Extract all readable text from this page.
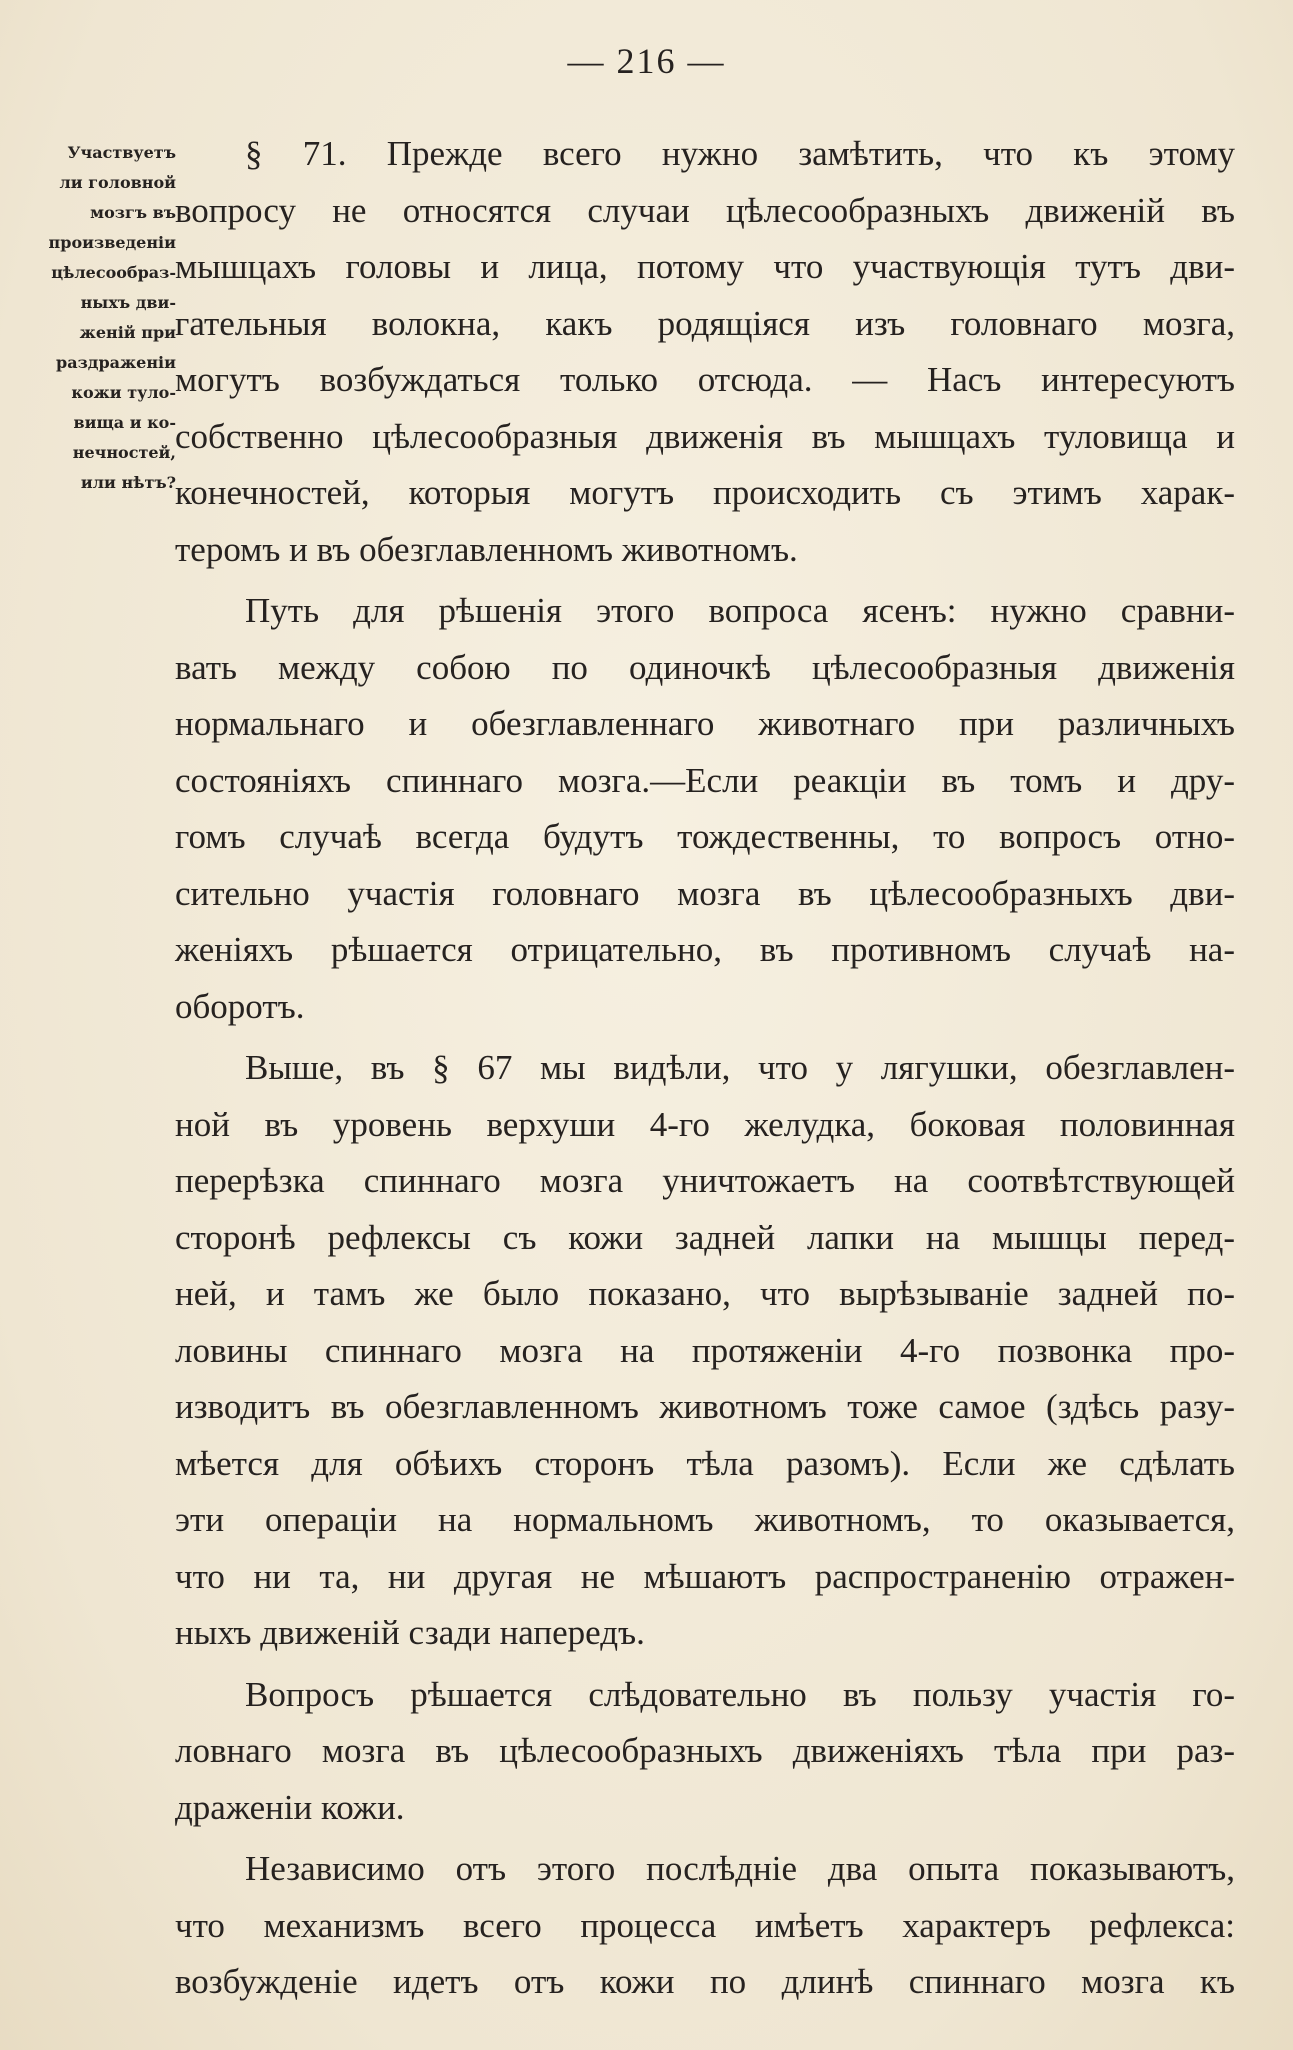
— 216 —
Участвуетъ
ли головной
мозгъ въ
произведеніи
цѣлесообраз-
ныхъ дви-
женій при
раздраженіи
кожи туло-
вища и ко-
нечностей,
или нѣтъ?
§ 71. Прежде всего нужно замѣтить, что къ этому
вопросу не относятся случаи цѣлесообразныхъ движеній въ
мышцахъ головы и лица, потому что участвующія тутъ дви-
гательныя волокна, какъ родящіяся изъ головнаго мозга,
могутъ возбуждаться только отсюда. — Насъ интересуютъ
собственно цѣлесообразныя движенія въ мышцахъ туловища и
конечностей, которыя могутъ происходить съ этимъ харак-
теромъ и въ обезглавленномъ животномъ.
Путь для рѣшенія этого вопроса ясенъ: нужно сравни-
вать между собою по одиночкѣ цѣлесообразныя движенія
нормальнаго и обезглавленнаго животнаго при различныхъ
состояніяхъ спиннаго мозга.—Если реакціи въ томъ и дру-
гомъ случаѣ всегда будутъ тождественны, то вопросъ отно-
сительно участія головнаго мозга въ цѣлесообразныхъ дви-
женіяхъ рѣшается отрицательно, въ противномъ случаѣ на-
оборотъ.
Выше, въ § 67 мы видѣли, что у лягушки, обезглавлен-
ной въ уровень верхуши 4-го желудка, боковая половинная
перерѣзка спиннаго мозга уничтожаетъ на соотвѣтствующей
сторонѣ рефлексы съ кожи задней лапки на мышцы перед-
ней, и тамъ же было показано, что вырѣзываніе задней по-
ловины спиннаго мозга на протяженіи 4-го позвонка про-
изводитъ въ обезглавленномъ животномъ тоже самое (здѣсь разу-
мѣется для обѣихъ сторонъ тѣла разомъ). Если же сдѣлать
эти операціи на нормальномъ животномъ, то оказывается,
что ни та, ни другая не мѣшаютъ распространенію отражен-
ныхъ движеній сзади напередъ.
Вопросъ рѣшается слѣдовательно въ пользу участія го-
ловнаго мозга въ цѣлесообразныхъ движеніяхъ тѣла при раз-
драженіи кожи.
Независимо отъ этого послѣдніе два опыта показываютъ,
что механизмъ всего процесса имѣетъ характеръ рефлекса:
возбужденіе идетъ отъ кожи по длинѣ спиннаго мозга къ
